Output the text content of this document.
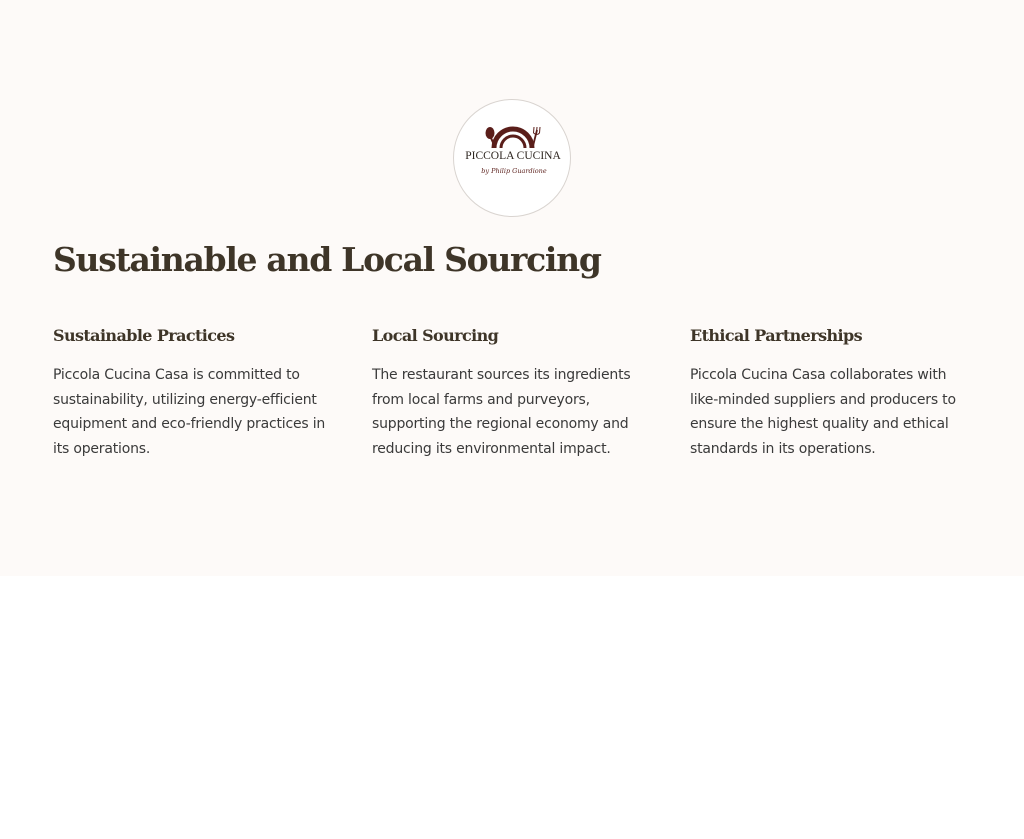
PICCOLA CUCINA
by Philip Guardione
Sustainable and Local Sourcing
Sustainable Practices

Piccola Cucina Casa is committed to sustainability, utilizing energy-efficient equipment and eco-friendly practices in its operations.

Local Sourcing

The restaurant sources its ingredients from local farms and purveyors, supporting the regional economy and reducing its environmental impact.

Ethical Partnerships

Piccola Cucina Casa collaborates with like-minded suppliers and producers to ensure the highest quality and ethical standards in its operations.
